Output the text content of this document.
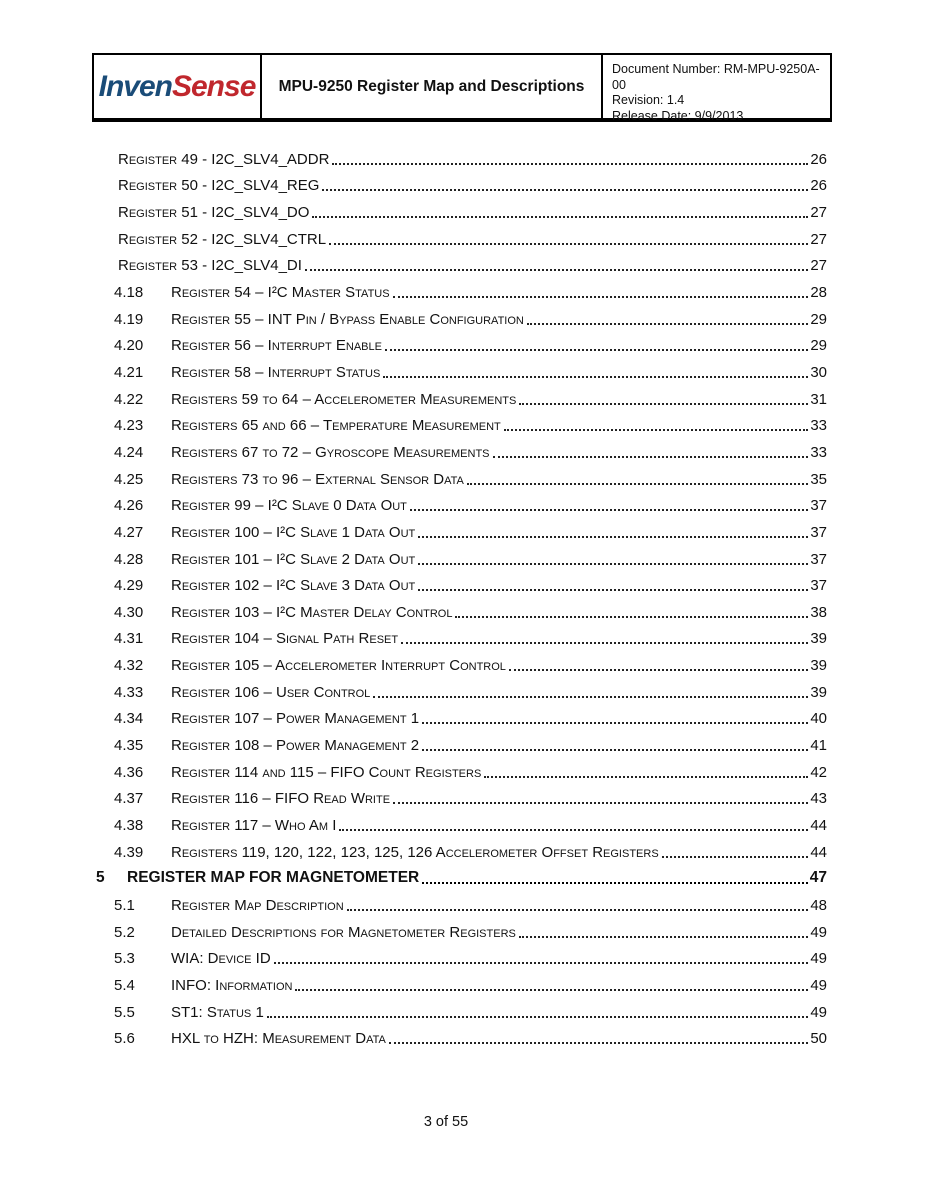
InvenSense MPU-9250 Register Map and Descriptions
Document Number: RM-MPU-9250A-00
Revision: 1.4
Release Date: 9/9/2013
Register 49 - I2C_SLV4_ADDR	26
Register 50 - I2C_SLV4_REG	26
Register 51 - I2C_SLV4_DO	27
Register 52 - I2C_SLV4_CTRL	27
Register 53 - I2C_SLV4_DI	27
4.18	Register 54 – I²C Master Status	28
4.19	Register 55 – INT Pin / Bypass Enable Configuration	29
4.20	Register 56 – Interrupt Enable	29
4.21	Register 58 – Interrupt Status	30
4.22	Registers 59 to 64 – Accelerometer Measurements	31
4.23	Registers 65 and 66 – Temperature Measurement	33
4.24	Registers 67 to 72 – Gyroscope Measurements	33
4.25	Registers 73 to 96 – External Sensor Data	35
4.26	Register 99 – I²C Slave 0 Data Out	37
4.27	Register 100 – I²C Slave 1 Data Out	37
4.28	Register 101 – I²C Slave 2 Data Out	37
4.29	Register 102 – I²C Slave 3 Data Out	37
4.30	Register 103 – I²C Master Delay Control	38
4.31	Register 104 – Signal Path Reset	39
4.32	Register 105 – Accelerometer Interrupt Control	39
4.33	Register 106 – User Control	39
4.34	Register 107 – Power Management 1	40
4.35	Register 108 – Power Management 2	41
4.36	Register 114 and 115 – FIFO Count Registers	42
4.37	Register 116 – FIFO Read Write	43
4.38	Register 117 – Who Am I	44
4.39	Registers 119, 120, 122, 123, 125, 126 Accelerometer Offset Registers	44
5	REGISTER MAP FOR MAGNETOMETER	47
5.1	Register Map Description	48
5.2	Detailed Descriptions for Magnetometer Registers	49
5.3	WIA: Device ID	49
5.4	INFO: Information	49
5.5	ST1: Status 1	49
5.6	HXL to HZH: Measurement Data	50
3 of 55
